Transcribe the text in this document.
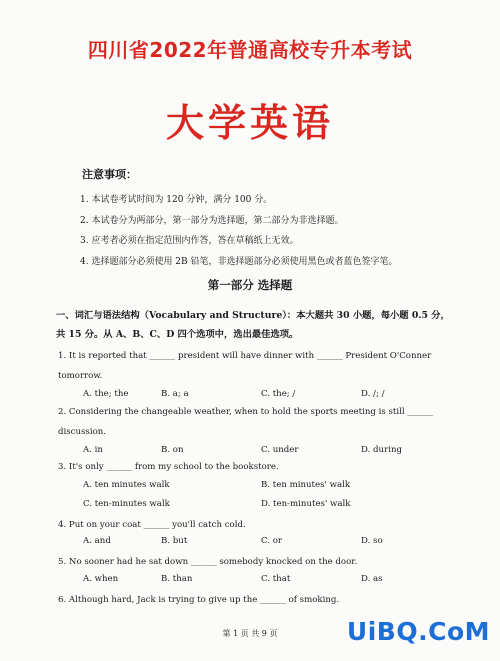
四川省2022年普通高校专升本考试
大学英语
注意事项：
1. 本试卷考试时间为 120 分钟，满分 100 分。
2. 本试卷分为两部分，第一部分为选择题，第二部分为非选择题。
3. 应考者必须在指定范围内作答，答在草稿纸上无效。
4. 选择题部分必须使用 2B 铅笔，非选择题部分必须使用黑色或者蓝色签字笔。
第一部分 选择题
一、词汇与语法结构（Vocabulary and Structure）：本大题共 30 小题，每小题 0.5 分，共 15 分。从 A、B、C、D 四个选项中，选出最佳选项。
1. It is reported that ______ president will have dinner with ______ President O'Conner tomorrow.
A. the; the	B. a; a	C. the; /	D. /; /
2. Considering the changeable weather, when to hold the sports meeting is still ______ discussion.
A. in	B. on	C. under	D. during
3. It's only ______ from my school to the bookstore.
A. ten minutes walk	B. ten minutes' walk
C. ten-minutes walk	D. ten-minutes' walk
4. Put on your coat ______ you'll catch cold.
A. and	B. but	C. or	D. so
5. No sooner had he sat down ______ somebody knocked on the door.
A. when	B. than	C. that	D. as
6. Although hard, Jack is trying to give up the ______ of smoking.
第 1 页 共 9 页	UiBQ.CoM
